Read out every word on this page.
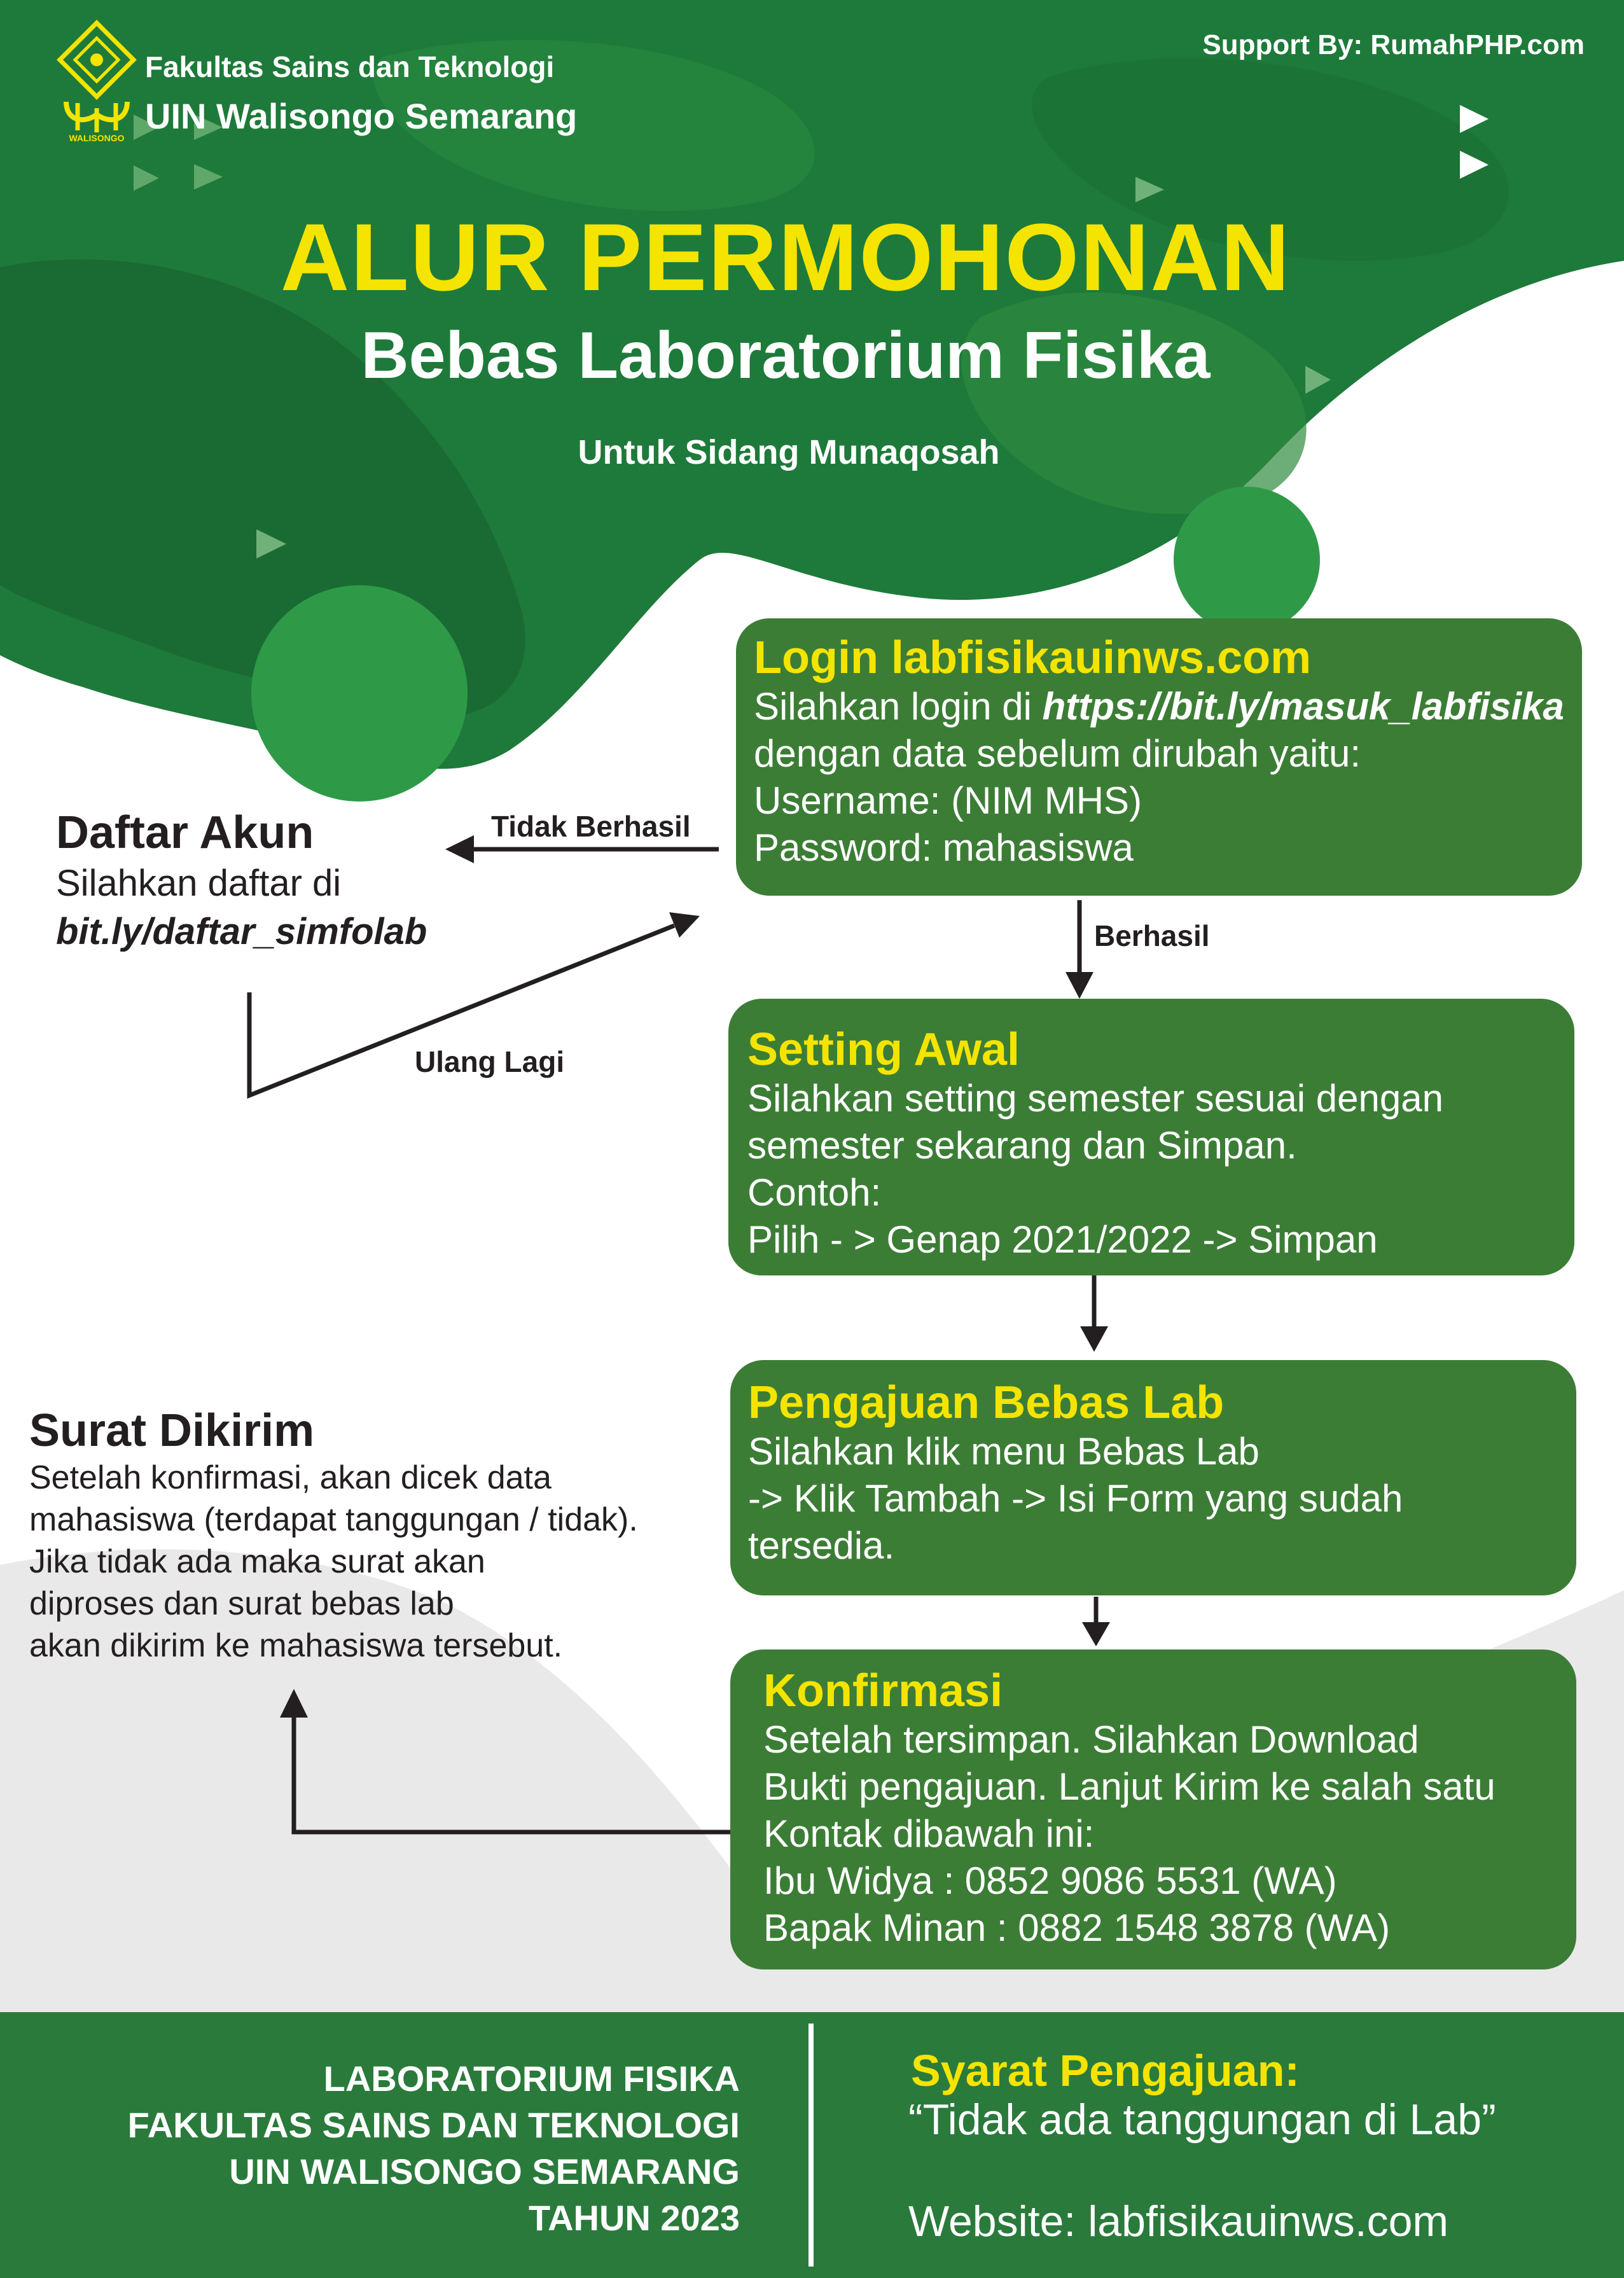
WALISONGO
Fakultas Sains dan Teknologi
UIN Walisongo Semarang
Support By: RumahPHP.com
ALUR PERMOHONAN
Bebas Laboratorium Fisika
Untuk Sidang Munaqosah
Login labfisikauinws.com
Silahkan login di https://bit.ly/masuk_labfisika
dengan data sebelum dirubah yaitu:
Username: (NIM MHS)
Password: mahasiswa
Setting Awal
Silahkan setting semester sesuai dengan
semester sekarang dan Simpan.
Contoh:
Pilih - > Genap 2021/2022 -> Simpan
Pengajuan Bebas Lab
Silahkan klik menu Bebas Lab
-> Klik Tambah -> Isi Form yang sudah
tersedia.
Konfirmasi
Setelah tersimpan. Silahkan Download
Bukti pengajuan. Lanjut Kirim ke salah satu
Kontak dibawah ini:
Ibu Widya : 0852 9086 5531 (WA)
Bapak Minan : 0882 1548 3878 (WA)
Daftar Akun
Silahkan daftar di
bit.ly/daftar_simfolab
Tidak Berhasil
Berhasil
Ulang Lagi
Surat Dikirim
Setelah konfirmasi, akan dicek data
mahasiswa (terdapat tanggungan / tidak).
Jika tidak ada maka surat akan
diproses dan surat bebas lab
akan dikirim ke mahasiswa tersebut.
LABORATORIUM FISIKA
FAKULTAS SAINS DAN TEKNOLOGI
UIN WALISONGO SEMARANG
TAHUN 2023
Syarat Pengajuan:
“Tidak ada tanggungan di Lab”
Website: labfisikauinws.com
